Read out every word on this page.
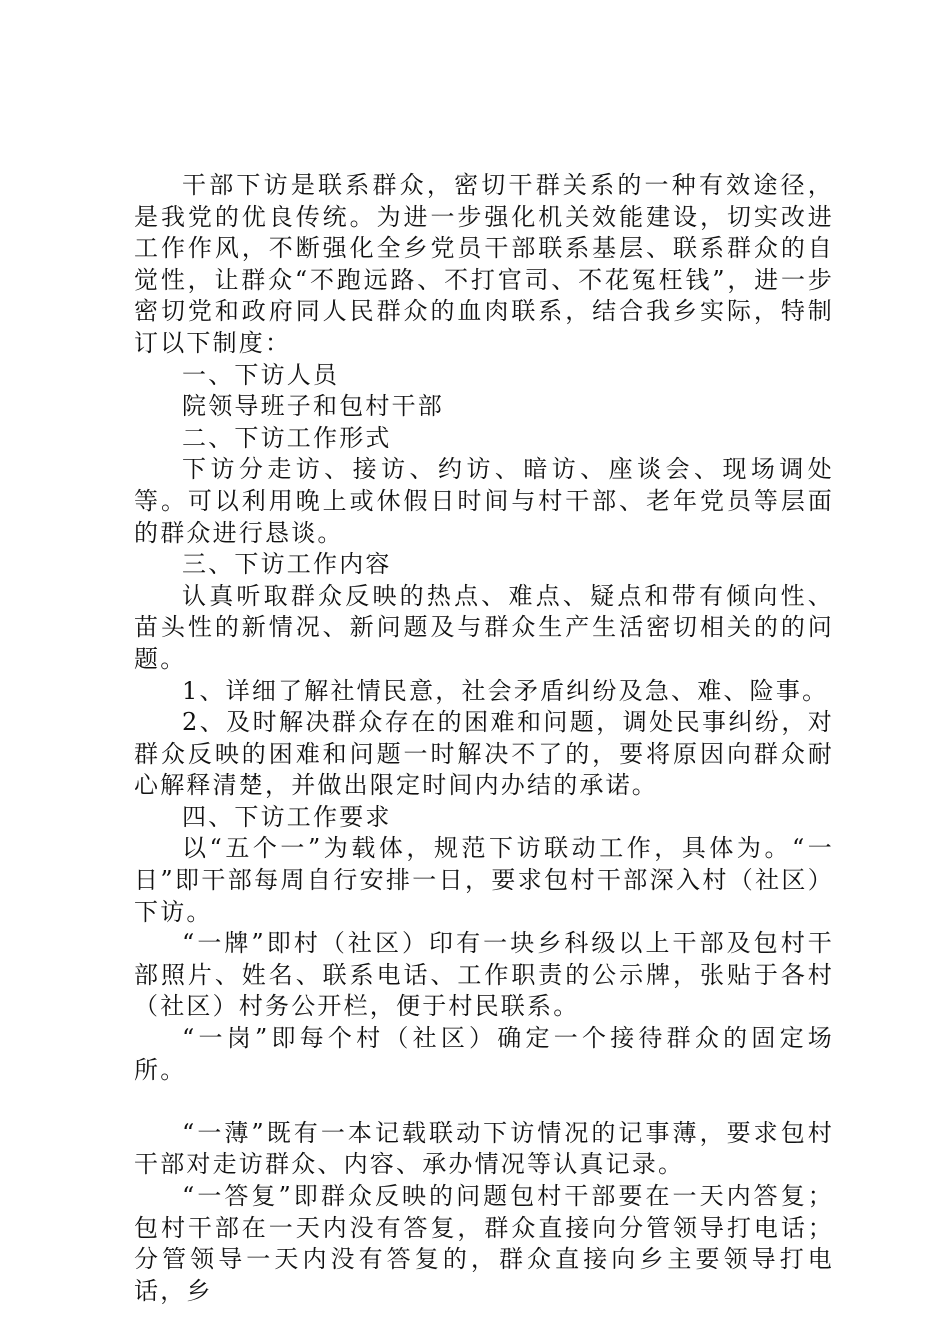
干部下访是联系群众，密切干群关系的一种有效途径，是我党的优良传统。为进一步强化机关效能建设，切实改进工作作风，不断强化全乡党员干部联系基层、联系群众的自觉性，让群众“不跑远路、不打官司、不花冤枉钱”，进一步密切党和政府同人民群众的血肉联系，结合我乡实际，特制订以下制度：

一、下访人员

院领导班子和包村干部

二、下访工作形式

下访分走访、接访、约访、暗访、座谈会、现场调处等。可以利用晚上或休假日时间与村干部、老年党员等层面的群众进行恳谈。

三、下访工作内容

认真听取群众反映的热点、难点、疑点和带有倾向性、苗头性的新情况、新问题及与群众生产生活密切相关的的问题。

1、详细了解社情民意，社会矛盾纠纷及急、难、险事。

2、及时解决群众存在的困难和问题，调处民事纠纷，对群众反映的困难和问题一时解决不了的，要将原因向群众耐心解释清楚，并做出限定时间内办结的承诺。

四、下访工作要求

以“五个一”为载体，规范下访联动工作，具体为。“一日”即干部每周自行安排一日，要求包村干部深入村（社区）下访。

“一牌”即村（社区）印有一块乡科级以上干部及包村干部照片、姓名、联系电话、工作职责的公示牌，张贴于各村（社区）村务公开栏，便于村民联系。

“一岗”即每个村（社区）确定一个接待群众的固定场所。

“一薄”既有一本记载联动下访情况的记事薄，要求包村干部对走访群众、内容、承办情况等认真记录。

“一答复”即群众反映的问题包村干部要在一天内答复；包村干部在一天内没有答复，群众直接向分管领导打电话；分管领导一天内没有答复的，群众直接向乡主要领导打电话，乡
